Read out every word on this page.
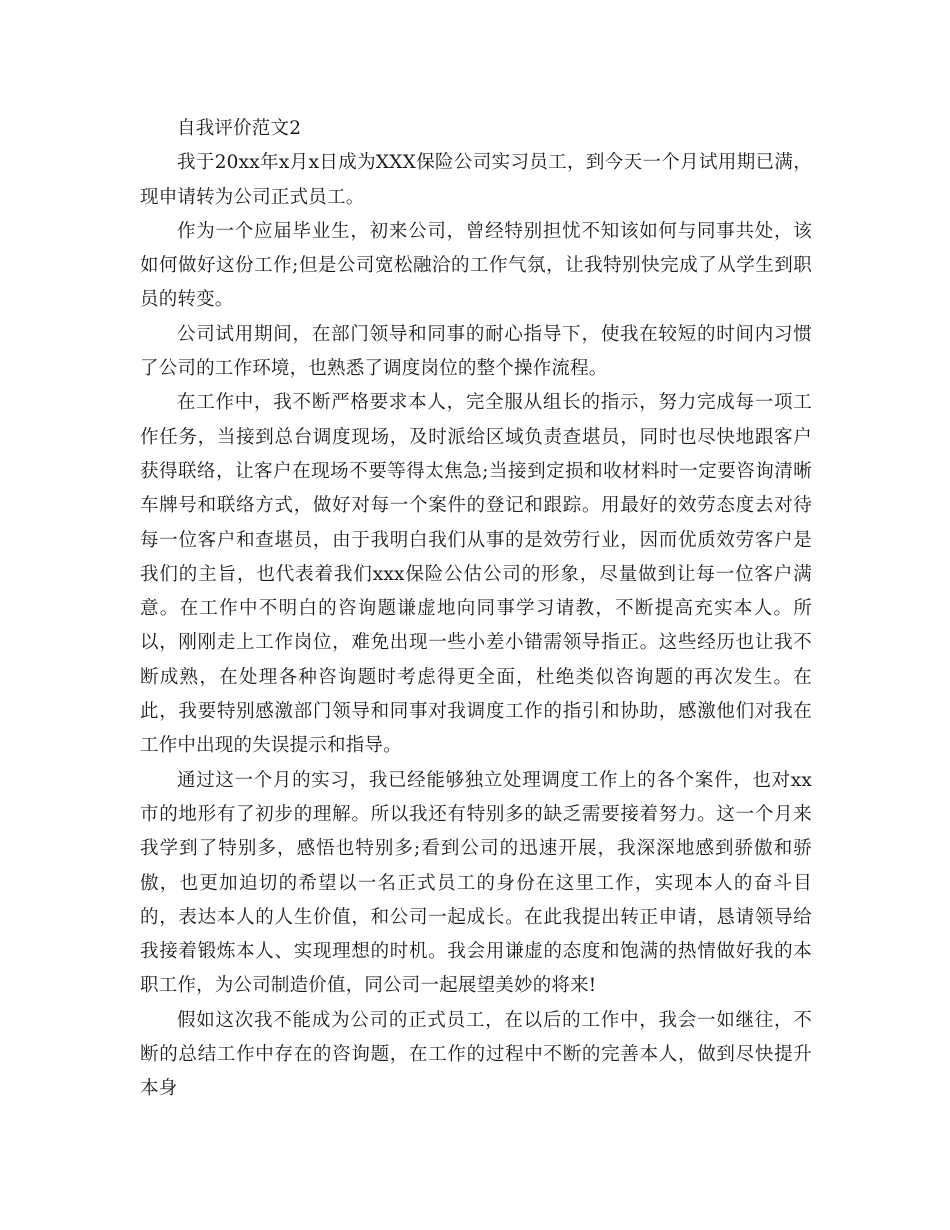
自我评价范文2

我于20xx年x月x日成为XXX保险公司实习员工，到今天一个月试用期已满，现申请转为公司正式员工。

作为一个应届毕业生，初来公司，曾经特别担忧不知该如何与同事共处，该如何做好这份工作;但是公司宽松融洽的工作气氛，让我特别快完成了从学生到职员的转变。

公司试用期间，在部门领导和同事的耐心指导下，使我在较短的时间内习惯了公司的工作环境，也熟悉了调度岗位的整个操作流程。

在工作中，我不断严格要求本人，完全服从组长的指示，努力完成每一项工作任务，当接到总台调度现场，及时派给区域负责查堪员，同时也尽快地跟客户获得联络，让客户在现场不要等得太焦急;当接到定损和收材料时一定要咨询清晰车牌号和联络方式，做好对每一个案件的登记和跟踪。用最好的效劳态度去对待每一位客户和查堪员，由于我明白我们从事的是效劳行业，因而优质效劳客户是我们的主旨，也代表着我们xxx保险公估公司的形象，尽量做到让每一位客户满意。在工作中不明白的咨询题谦虚地向同事学习请教，不断提高充实本人。所以，刚刚走上工作岗位，难免出现一些小差小错需领导指正。这些经历也让我不断成熟，在处理各种咨询题时考虑得更全面，杜绝类似咨询题的再次发生。在此，我要特别感激部门领导和同事对我调度工作的指引和协助，感激他们对我在工作中出现的失误提示和指导。

通过这一个月的实习，我已经能够独立处理调度工作上的各个案件，也对xx市的地形有了初步的理解。所以我还有特别多的缺乏需要接着努力。这一个月来我学到了特别多，感悟也特别多;看到公司的迅速开展，我深深地感到骄傲和骄傲，也更加迫切的希望以一名正式员工的身份在这里工作，实现本人的奋斗目的，表达本人的人生价值，和公司一起成长。在此我提出转正申请，恳请领导给我接着锻炼本人、实现理想的时机。我会用谦虚的态度和饱满的热情做好我的本职工作，为公司制造价值，同公司一起展望美妙的将来!

假如这次我不能成为公司的正式员工，在以后的工作中，我会一如继往，不断的总结工作中存在的咨询题，在工作的过程中不断的完善本人，做到尽快提升本身
